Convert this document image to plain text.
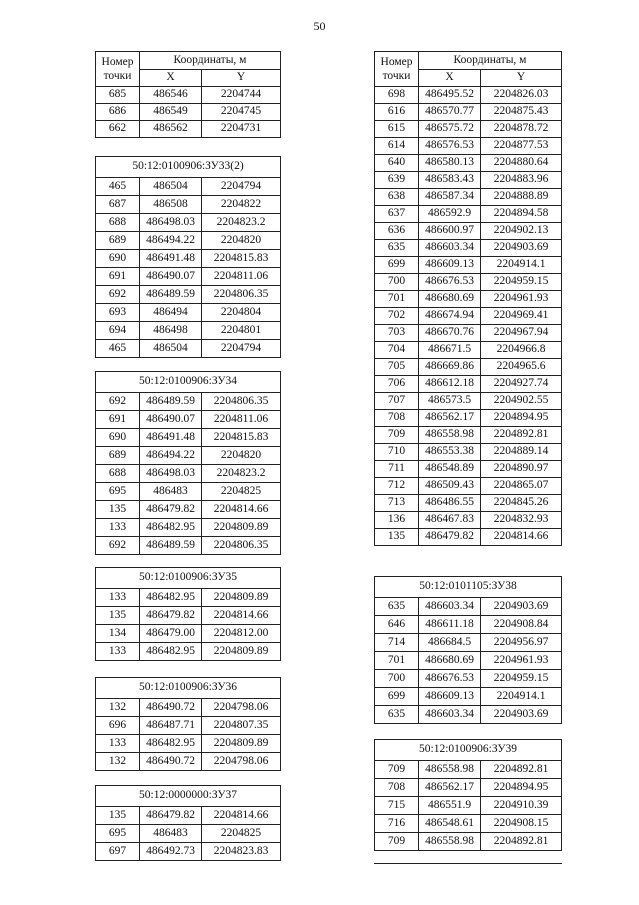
50
Номер точки	Координаты, м	
	X	Y
685	486546	2204744
686	486549	2204745
662	486562	2204731
50:12:0100906:ЗУ33(2)		
465	486504	2204794
687	486508	2204822
688	486498.03	2204823.2
689	486494.22	2204820
690	486491.48	2204815.83
691	486490.07	2204811.06
692	486489.59	2204806.35
693	486494	2204804
694	486498	2204801
465	486504	2204794
50:12:0100906:ЗУ34		
692	486489.59	2204806.35
691	486490.07	2204811.06
690	486491.48	2204815.83
689	486494.22	2204820
688	486498.03	2204823.2
695	486483	2204825
135	486479.82	2204814.66
133	486482.95	2204809.89
692	486489.59	2204806.35
50:12:0100906:ЗУ35		
133	486482.95	2204809.89
135	486479.82	2204814.66
134	486479.00	2204812.00
133	486482.95	2204809.89
50:12:0100906:ЗУ36		
132	486490.72	2204798.06
696	486487.71	2204807.35
133	486482.95	2204809.89
132	486490.72	2204798.06
50:12:0000000:ЗУ37		
135	486479.82	2204814.66
695	486483	2204825
697	486492.73	2204823.83
Номер точки	Координаты, м	
	X	Y
698	486495.52	2204826.03
616	486570.77	2204875.43
615	486575.72	2204878.72
614	486576.53	2204877.53
640	486580.13	2204880.64
639	486583.43	2204883.96
638	486587.34	2204888.89
637	486592.9	2204894.58
636	486600.97	2204902.13
635	486603.34	2204903.69
699	486609.13	2204914.1
700	486676.53	2204959.15
701	486680.69	2204961.93
702	486674.94	2204969.41
703	486670.76	2204967.94
704	486671.5	2204966.8
705	486669.86	2204965.6
706	486612.18	2204927.74
707	486573.5	2204902.55
708	486562.17	2204894.95
709	486558.98	2204892.81
710	486553.38	2204889.14
711	486548.89	2204890.97
712	486509.43	2204865.07
713	486486.55	2204845.26
136	486467.83	2204832.93
135	486479.82	2204814.66
50:12:0101105:ЗУ38		
635	486603.34	2204903.69
646	486611.18	2204908.84
714	486684.5	2204956.97
701	486680.69	2204961.93
700	486676.53	2204959.15
699	486609.13	2204914.1
635	486603.34	2204903.69
50:12:0100906:ЗУ39		
709	486558.98	2204892.81
708	486562.17	2204894.95
715	486551.9	2204910.39
716	486548.61	2204908.15
709	486558.98	2204892.81
